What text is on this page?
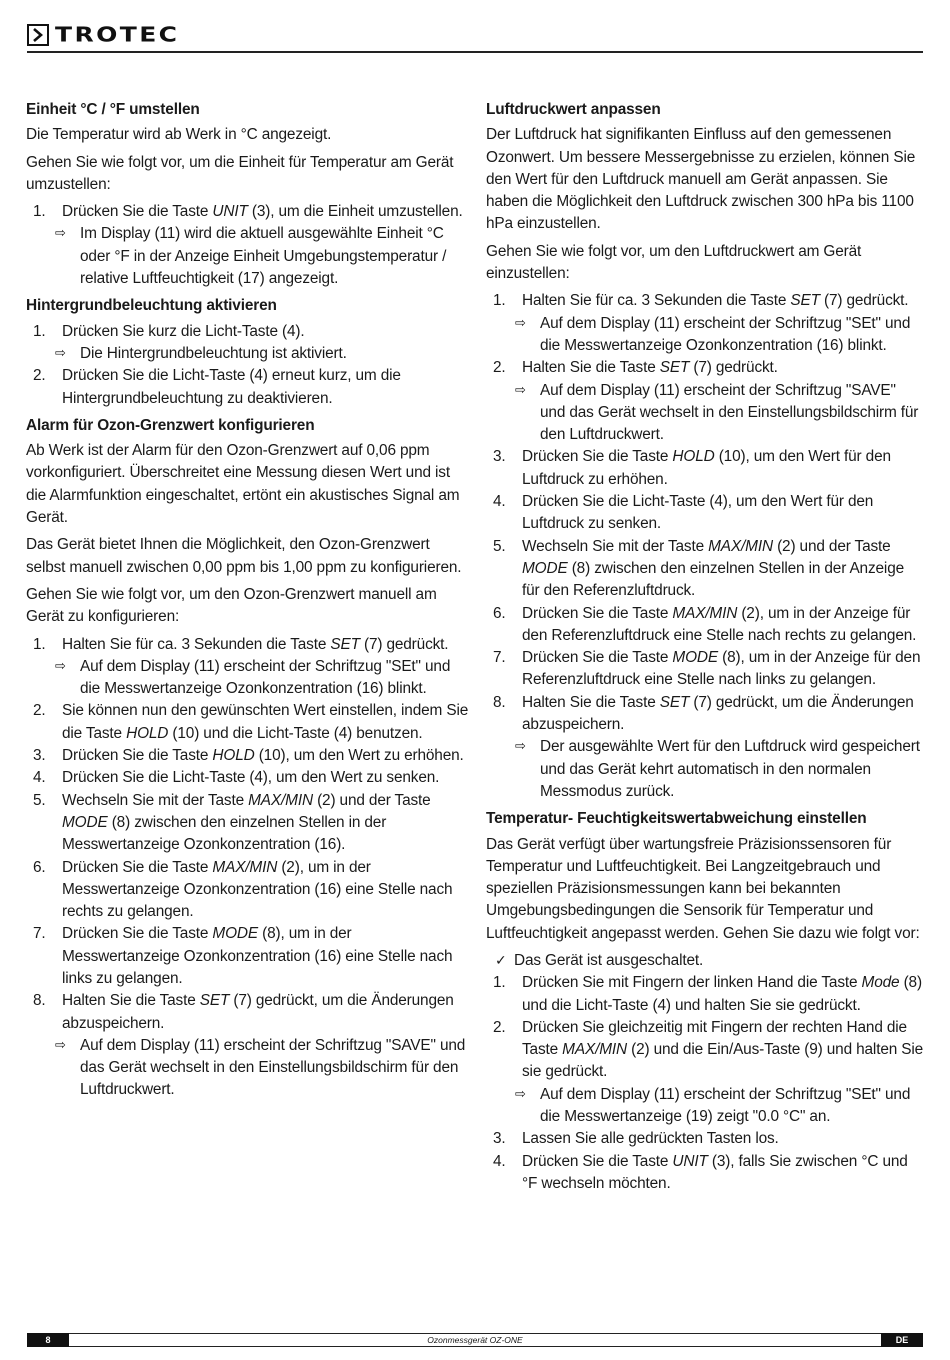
TROTEC
Einheit °C / °F umstellen

Die Temperatur wird ab Werk in °C angezeigt.

Gehen Sie wie folgt vor, um die Einheit für Temperatur am Gerät umzustellen:

1. Drücken Sie die Taste UNIT (3), um die Einheit umzustellen.
⇨ Im Display (11) wird die aktuell ausgewählte Einheit °C oder °F in der Anzeige Einheit Umgebungstemperatur / relative Luftfeuchtigkeit (17) angezeigt.
Hintergrundbeleuchtung aktivieren
1. Drücken Sie kurz die Licht-Taste (4).
⇨ Die Hintergrundbeleuchtung ist aktiviert.
2. Drücken Sie die Licht-Taste (4) erneut kurz, um die Hintergrundbeleuchtung zu deaktivieren.
Alarm für Ozon-Grenzwert konfigurieren

Ab Werk ist der Alarm für den Ozon-Grenzwert auf 0,06 ppm vorkonfiguriert. Überschreitet eine Messung diesen Wert und ist die Alarmfunktion eingeschaltet, ertönt ein akustisches Signal am Gerät.

Das Gerät bietet Ihnen die Möglichkeit, den Ozon-Grenzwert selbst manuell zwischen 0,00 ppm bis 1,00 ppm zu konfigurieren.

Gehen Sie wie folgt vor, um den Ozon-Grenzwert manuell am Gerät zu konfigurieren:

1. Halten Sie für ca. 3 Sekunden die Taste SET (7) gedrückt.
⇨ Auf dem Display (11) erscheint der Schriftzug "SEt" und die Messwertanzeige Ozonkonzentration (16) blinkt.
2. Sie können nun den gewünschten Wert einstellen, indem Sie die Taste HOLD (10) und die Licht-Taste (4) benutzen.
3. Drücken Sie die Taste HOLD (10), um den Wert zu erhöhen.
4. Drücken Sie die Licht-Taste (4), um den Wert zu senken.
5. Wechseln Sie mit der Taste MAX/MIN (2) und der Taste MODE (8) zwischen den einzelnen Stellen in der Messwertanzeige Ozonkonzentration (16).
6. Drücken Sie die Taste MAX/MIN (2), um in der Messwertanzeige Ozonkonzentration (16) eine Stelle nach rechts zu gelangen.
7. Drücken Sie die Taste MODE (8), um in der Messwertanzeige Ozonkonzentration (16) eine Stelle nach links zu gelangen.
8. Halten Sie die Taste SET (7) gedrückt, um die Änderungen abzuspeichern.
⇨ Auf dem Display (11) erscheint der Schriftzug "SAVE" und das Gerät wechselt in den Einstellungsbildschirm für den Luftdruckwert.
Luftdruckwert anpassen

Der Luftdruck hat signifikanten Einfluss auf den gemessenen Ozonwert. Um bessere Messergebnisse zu erzielen, können Sie den Wert für den Luftdruck manuell am Gerät anpassen. Sie haben die Möglichkeit den Luftdruck zwischen 300 hPa bis 1100 hPa einzustellen.

Gehen Sie wie folgt vor, um den Luftdruckwert am Gerät einzustellen:

1. Halten Sie für ca. 3 Sekunden die Taste SET (7) gedrückt.
⇨ Auf dem Display (11) erscheint der Schriftzug "SEt" und die Messwertanzeige Ozonkonzentration (16) blinkt.
2. Halten Sie die Taste SET (7) gedrückt.
⇨ Auf dem Display (11) erscheint der Schriftzug "SAVE" und das Gerät wechselt in den Einstellungsbildschirm für den Luftdruckwert.
3. Drücken Sie die Taste HOLD (10), um den Wert für den Luftdruck zu erhöhen.
4. Drücken Sie die Licht-Taste (4), um den Wert für den Luftdruck zu senken.
5. Wechseln Sie mit der Taste MAX/MIN (2) und der Taste MODE (8) zwischen den einzelnen Stellen in der Anzeige für den Referenzluftdruck.
6. Drücken Sie die Taste MAX/MIN (2), um in der Anzeige für den Referenzluftdruck eine Stelle nach rechts zu gelangen.
7. Drücken Sie die Taste MODE (8), um in der Anzeige für den Referenzluftdruck eine Stelle nach links zu gelangen.
8. Halten Sie die Taste SET (7) gedrückt, um die Änderungen abzuspeichern.
⇨ Der ausgewählte Wert für den Luftdruck wird gespeichert und das Gerät kehrt automatisch in den normalen Messmodus zurück.
Temperatur- Feuchtigkeitswertabweichung einstellen

Das Gerät verfügt über wartungsfreie Präzisionssensoren für Temperatur und Luftfeuchtigkeit. Bei Langzeitgebrauch und speziellen Präzisionsmessungen kann bei bekannten Umgebungsbedingungen die Sensorik für Temperatur und Luftfeuchtigkeit angepasst werden. Gehen Sie dazu wie folgt vor:

✓ Das Gerät ist ausgeschaltet.
1. Drücken Sie mit Fingern der linken Hand die Taste Mode (8) und die Licht-Taste (4) und halten Sie sie gedrückt.
2. Drücken Sie gleichzeitig mit Fingern der rechten Hand die Taste MAX/MIN (2) und die Ein/Aus-Taste (9) und halten Sie sie gedrückt.
⇨ Auf dem Display (11) erscheint der Schriftzug "SEt" und die Messwertanzeige (19) zeigt "0.0 °C" an.
3. Lassen Sie alle gedrückten Tasten los.
4. Drücken Sie die Taste UNIT (3), falls Sie zwischen °C und °F wechseln möchten.
8	Ozonmessgerät OZ-ONE	DE
